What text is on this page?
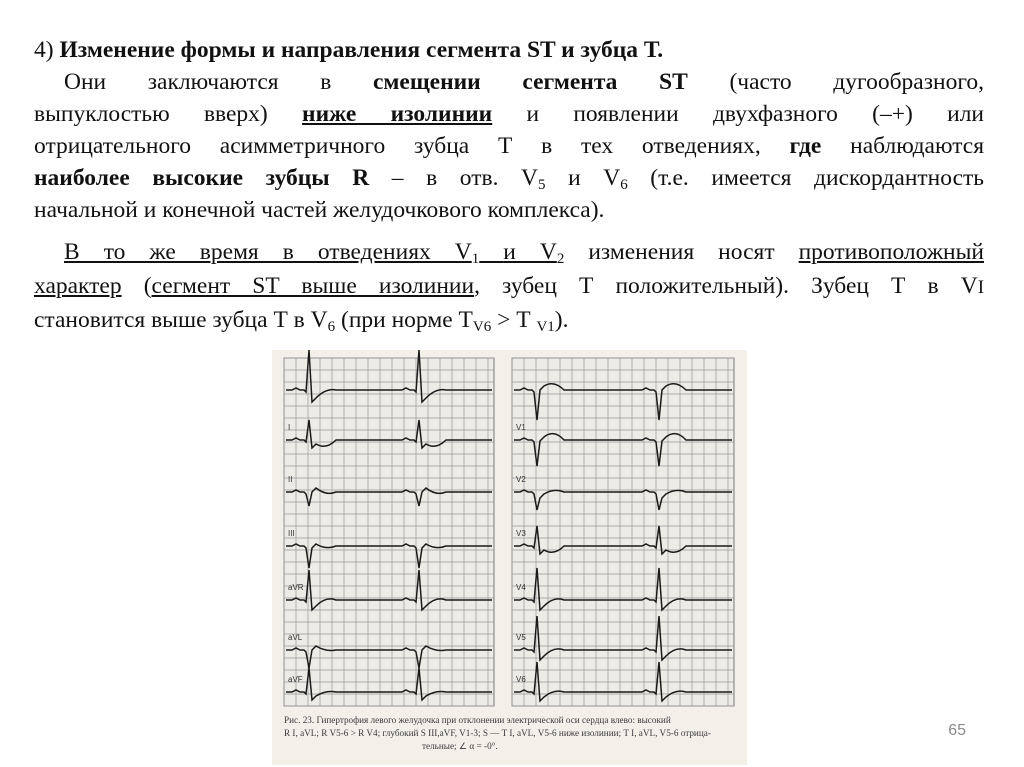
4) Изменение формы и направления сегмента ST и зубца Т.
Они заключаются в смещении сегмента ST (часто дугообразного,
выпуклостью вверх) ниже изолинии и появлении двухфазного (–+) или
отрицательного асимметричного зубца Т в тех отведениях, где наблюдаются
наиболее высокие зубцы R – в отв. $V_5$ и $V_6$ (т.е. имеется дискордантность
начальной и конечной частей желудочкового комплекса).
В то же время в отведениях $V_1$ и $V_2$ изменения носят противоположный
характер (сегмент ST выше изолинии, зубец Т положительный). Зубец Т в VI
становится выше зубца Т в $V_6$ (при норме $Т_{V6} > Т$ $_{V1}$).
I
II
III
aVR
aVL
aVF
V1
V2
V3
V4
V5
V6
Рис. 23. Гипертрофия левого желудочка при отклонении электрической оси сердца влево: высокий
R I, aVL; R V5-6 > R V4; глубокий S III,aVF, V1-3; S — T I, aVL, V5-6 ниже изолинии; T I, aVL, V5-6 отрица-
тельные; ∠ α = -0°.
65
